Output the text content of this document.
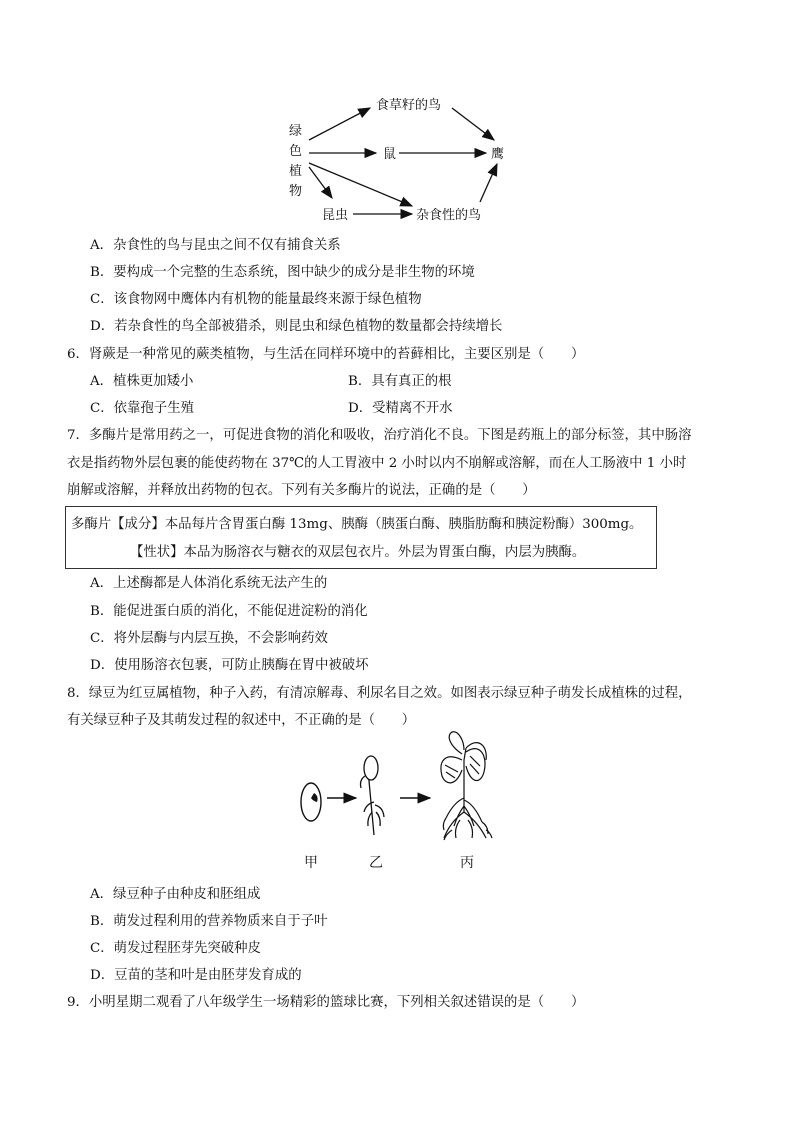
绿
色
植
物
食草籽的鸟
鼠	鹰
昆虫	杂食性的鸟
A．杂食性的鸟与昆虫之间不仅有捕食关系
B．要构成一个完整的生态系统，图中缺少的成分是非生物的环境
C．该食物网中鹰体内有机物的能量最终来源于绿色植物
D．若杂食性的鸟全部被猎杀，则昆虫和绿色植物的数量都会持续增长
6．肾蕨是一种常见的蕨类植物，与生活在同样环境中的苔藓相比，主要区别是（　　）
A．植株更加矮小	B．具有真正的根
C．依靠孢子生殖	D．受精离不开水
7．多酶片是常用药之一，可促进食物的消化和吸收，治疗消化不良。下图是药瓶上的部分标签，其中肠溶
衣是指药物外层包裹的能使药物在 37℃的人工胃液中 2 小时以内不崩解或溶解，而在人工肠液中 1 小时
崩解或溶解，并释放出药物的包衣。下列有关多酶片的说法，正确的是（　　）
多酶片【成分】本品每片含胃蛋白酶 13mg、胰酶（胰蛋白酶、胰脂肪酶和胰淀粉酶）300mg。
【性状】本品为肠溶衣与糖衣的双层包衣片。外层为胃蛋白酶，内层为胰酶。
A．上述酶都是人体消化系统无法产生的
B．能促进蛋白质的消化，不能促进淀粉的消化
C．将外层酶与内层互换，不会影响药效
D．使用肠溶衣包裹，可防止胰酶在胃中被破坏
8．绿豆为红豆属植物，种子入药，有清凉解毒、利尿名目之效。如图表示绿豆种子萌发长成植株的过程，
有关绿豆种子及其萌发过程的叙述中，不正确的是（　　）
甲	乙	丙
A．绿豆种子由种皮和胚组成
B．萌发过程利用的营养物质来自于子叶
C．萌发过程胚芽先突破种皮
D．豆苗的茎和叶是由胚芽发育成的
9．小明星期二观看了八年级学生一场精彩的篮球比赛，下列相关叙述错误的是（　　）
